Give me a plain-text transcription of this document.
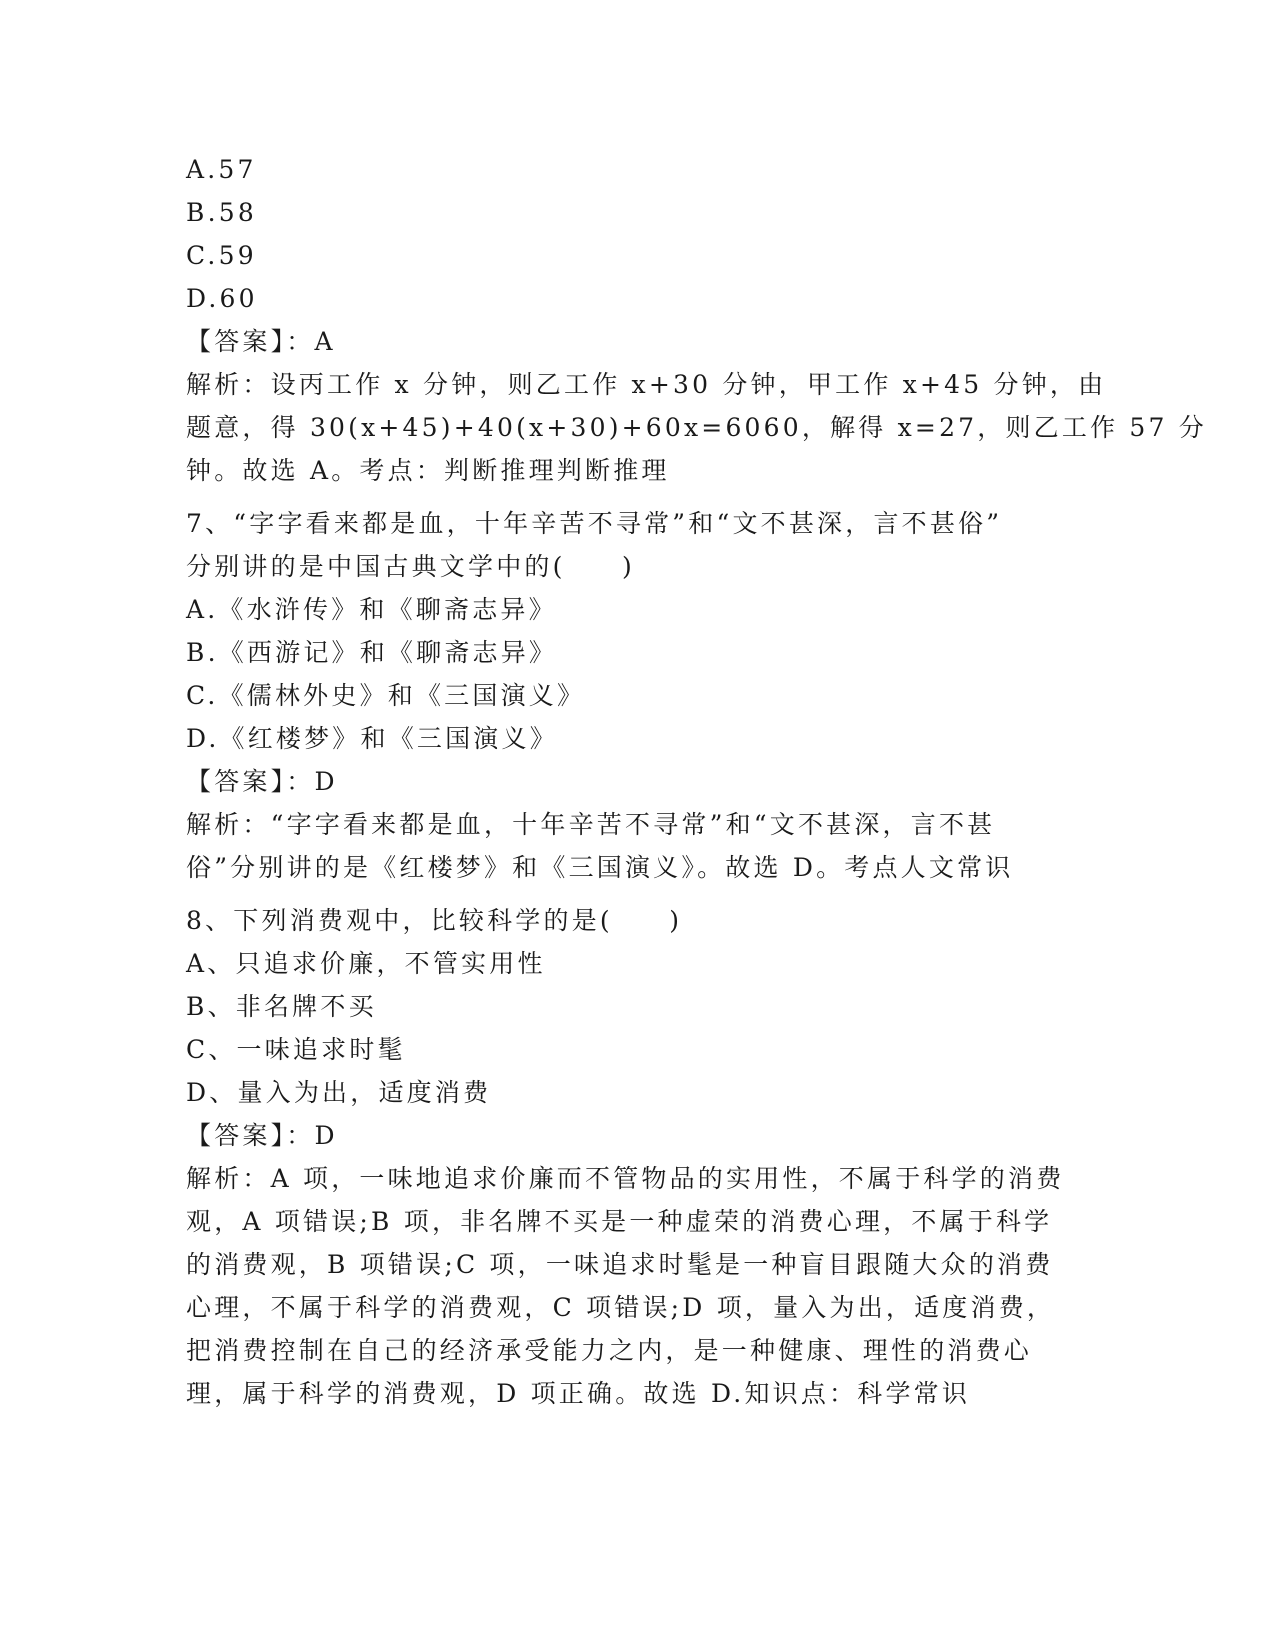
A.57
B.58
C.59
D.60
【答案】：A
解析：设丙工作 x 分钟，则乙工作 x+30 分钟，甲工作 x+45 分钟，由
题意，得 30(x+45)+40(x+30)+60x=6060，解得 x=27，则乙工作 57 分
钟。故选 A。考点：判断推理判断推理
7、“字字看来都是血，十年辛苦不寻常”和“文不甚深，言不甚俗”
分别讲的是中国古典文学中的(　　)
A.《水浒传》和《聊斋志异》
B.《西游记》和《聊斋志异》
C.《儒林外史》和《三国演义》
D.《红楼梦》和《三国演义》
【答案】：D
解析：“字字看来都是血，十年辛苦不寻常”和“文不甚深，言不甚
俗”分别讲的是《红楼梦》和《三国演义》。故选 D。考点人文常识
8、下列消费观中，比较科学的是(　　)
A、只追求价廉，不管实用性
B、非名牌不买
C、一味追求时髦
D、量入为出，适度消费
【答案】：D
解析：A 项，一味地追求价廉而不管物品的实用性，不属于科学的消费
观，A 项错误;B 项，非名牌不买是一种虚荣的消费心理，不属于科学
的消费观，B 项错误;C 项，一味追求时髦是一种盲目跟随大众的消费
心理，不属于科学的消费观，C 项错误;D 项，量入为出，适度消费，
把消费控制在自己的经济承受能力之内，是一种健康、理性的消费心
理，属于科学的消费观，D 项正确。故选 D.知识点：科学常识
